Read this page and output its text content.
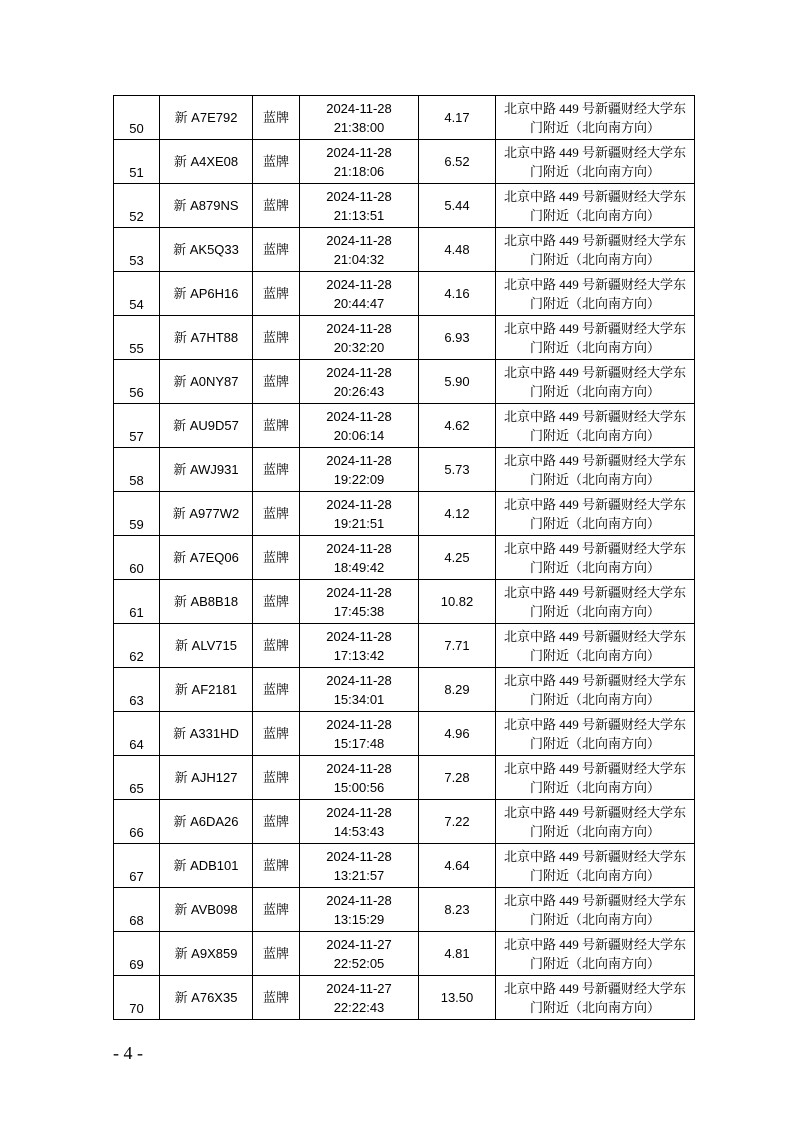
50	新 A7E792	蓝牌	2024-11-28
21:38:00	4.17	北京中路 449 号新疆财经大学东
门附近（北向南方向）

51	新 A4XE08	蓝牌	2024-11-28
21:18:06	6.52	北京中路 449 号新疆财经大学东
门附近（北向南方向）

52	新 A879NS	蓝牌	2024-11-28
21:13:51	5.44	北京中路 449 号新疆财经大学东
门附近（北向南方向）

53	新 AK5Q33	蓝牌	2024-11-28
21:04:32	4.48	北京中路 449 号新疆财经大学东
门附近（北向南方向）

54	新 AP6H16	蓝牌	2024-11-28
20:44:47	4.16	北京中路 449 号新疆财经大学东
门附近（北向南方向）

55	新 A7HT88	蓝牌	2024-11-28
20:32:20	6.93	北京中路 449 号新疆财经大学东
门附近（北向南方向）

56	新 A0NY87	蓝牌	2024-11-28
20:26:43	5.90	北京中路 449 号新疆财经大学东
门附近（北向南方向）

57	新 AU9D57	蓝牌	2024-11-28
20:06:14	4.62	北京中路 449 号新疆财经大学东
门附近（北向南方向）

58	新 AWJ931	蓝牌	2024-11-28
19:22:09	5.73	北京中路 449 号新疆财经大学东
门附近（北向南方向）

59	新 A977W2	蓝牌	2024-11-28
19:21:51	4.12	北京中路 449 号新疆财经大学东
门附近（北向南方向）

60	新 A7EQ06	蓝牌	2024-11-28
18:49:42	4.25	北京中路 449 号新疆财经大学东
门附近（北向南方向）

61	新 AB8B18	蓝牌	2024-11-28
17:45:38	10.82	北京中路 449 号新疆财经大学东
门附近（北向南方向）

62	新 ALV715	蓝牌	2024-11-28
17:13:42	7.71	北京中路 449 号新疆财经大学东
门附近（北向南方向）

63	新 AF2181	蓝牌	2024-11-28
15:34:01	8.29	北京中路 449 号新疆财经大学东
门附近（北向南方向）

64	新 A331HD	蓝牌	2024-11-28
15:17:48	4.96	北京中路 449 号新疆财经大学东
门附近（北向南方向）

65	新 AJH127	蓝牌	2024-11-28
15:00:56	7.28	北京中路 449 号新疆财经大学东
门附近（北向南方向）

66	新 A6DA26	蓝牌	2024-11-28
14:53:43	7.22	北京中路 449 号新疆财经大学东
门附近（北向南方向）

67	新 ADB101	蓝牌	2024-11-28
13:21:57	4.64	北京中路 449 号新疆财经大学东
门附近（北向南方向）

68	新 AVB098	蓝牌	2024-11-28
13:15:29	8.23	北京中路 449 号新疆财经大学东
门附近（北向南方向）

69	新 A9X859	蓝牌	2024-11-27
22:52:05	4.81	北京中路 449 号新疆财经大学东
门附近（北向南方向）

70	新 A76X35	蓝牌	2024-11-27
22:22:43	13.50	北京中路 449 号新疆财经大学东
门附近（北向南方向）
- 4 -
